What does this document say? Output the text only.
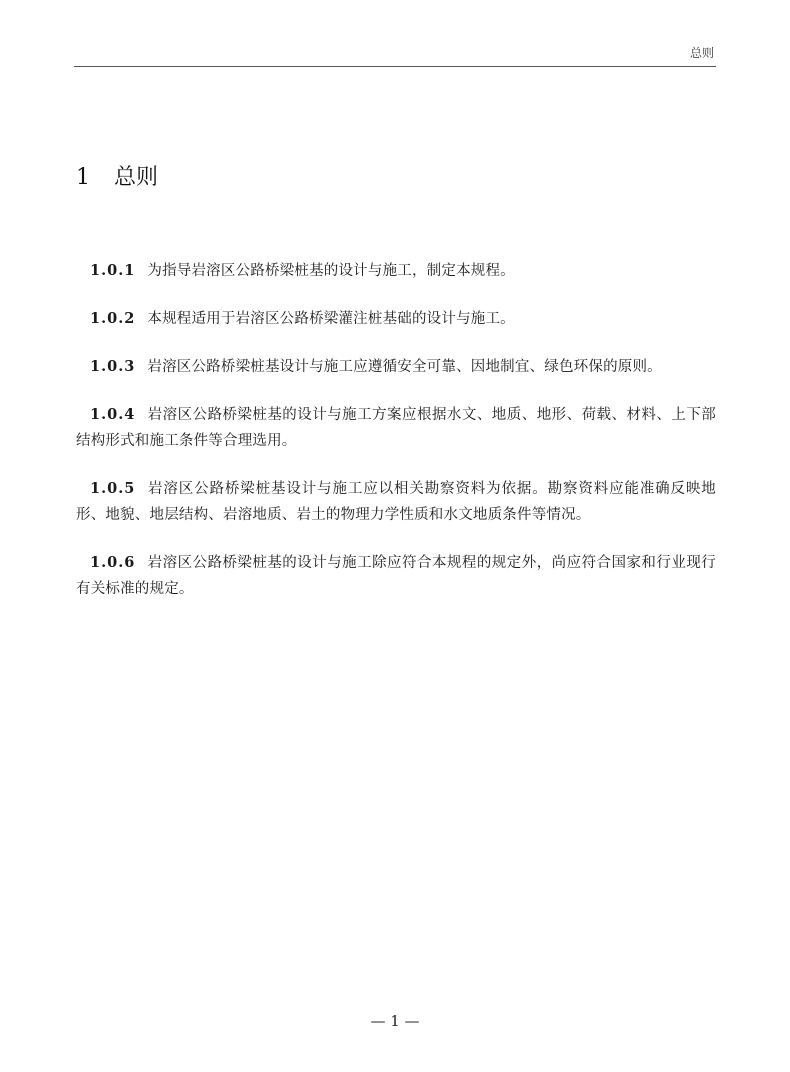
总则
1 总则

1.0.1 为指导岩溶区公路桥梁桩基的设计与施工，制定本规程。

1.0.2 本规程适用于岩溶区公路桥梁灌注桩基础的设计与施工。

1.0.3 岩溶区公路桥梁桩基设计与施工应遵循安全可靠、因地制宜、绿色环保的原则。

1.0.4 岩溶区公路桥梁桩基的设计与施工方案应根据水文、地质、地形、荷载、材料、上下部结构形式和施工条件等合理选用。

1.0.5 岩溶区公路桥梁桩基设计与施工应以相关勘察资料为依据。勘察资料应能准确反映地形、地貌、地层结构、岩溶地质、岩土的物理力学性质和水文地质条件等情况。

1.0.6 岩溶区公路桥梁桩基的设计与施工除应符合本规程的规定外，尚应符合国家和行业现行有关标准的规定。

— 1 —
